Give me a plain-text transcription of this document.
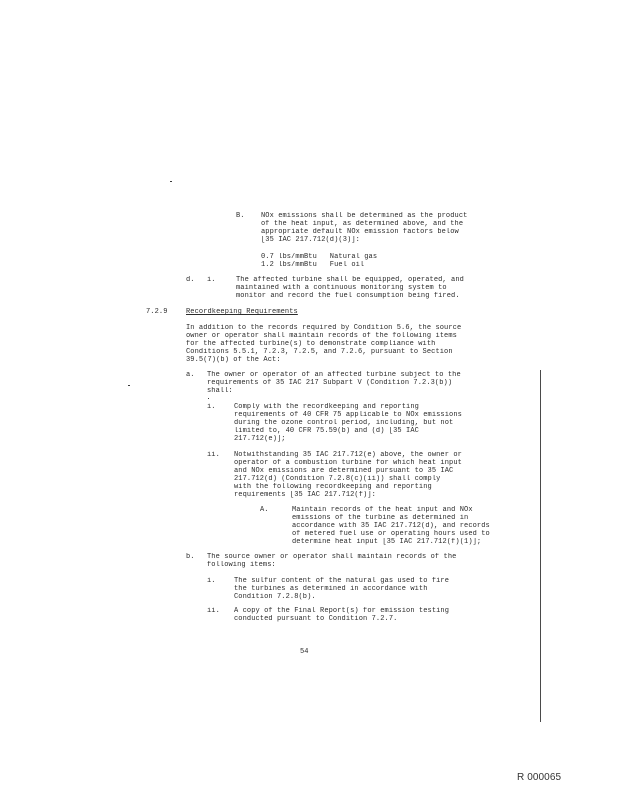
B. NOx emissions shall be determined as the product
of the heat input, as determined above, and the
appropriate default NOx emission factors below
[35 IAC 217.712(d)(3)]:
0.7 lbs/mmBtu   Natural gas
1.2 lbs/mmBtu   Fuel oil
d. i.	The affected turbine shall be equipped, operated, and
maintained with a continuous monitoring system to
monitor and record the fuel consumption being fired.
7.2.9	Recordkeeping Requirements
In addition to the records required by Condition 5.6, the source
owner or operator shall maintain records of the following items
for the affected turbine(s) to demonstrate compliance with
Conditions 5.5.1, 7.2.3, 7.2.5, and 7.2.6, pursuant to Section
39.5(7)(b) of the Act:
a. The owner or operator of an affected turbine subject to the
requirements of 35 IAC 217 Subpart V (Condition 7.2.3(b))
shall:
i.	Comply with the recordkeeping and reporting
requirements of 40 CFR 75 applicable to NOx emissions
during the ozone control period, including, but not
limited to, 40 CFR 75.59(b) and (d) [35 IAC
217.712(e)];
ii. Notwithstanding 35 IAC 217.712(e) above, the owner or
operator of a combustion turbine for which heat input
and NOx emissions are determined pursuant to 35 IAC
217.712(d) (Condition 7.2.8(c)(ii)) shall comply
with the following recordkeeping and reporting
requirements [35 IAC 217.712(f)]:
A.	Maintain records of the heat input and NOx
emissions of the turbine as determined in
accordance with 35 IAC 217.712(d), and records
of metered fuel use or operating hours used to
determine heat input [35 IAC 217.712(f)(1)];
b. The source owner or operator shall maintain records of the
following items:
i.	The sulfur content of the natural gas used to fire
the turbines as determined in accordance with
Condition 7.2.8(b).
ii. A copy of the Final Report(s) for emission testing
conducted pursuant to Condition 7.2.7.
54
R 000065
